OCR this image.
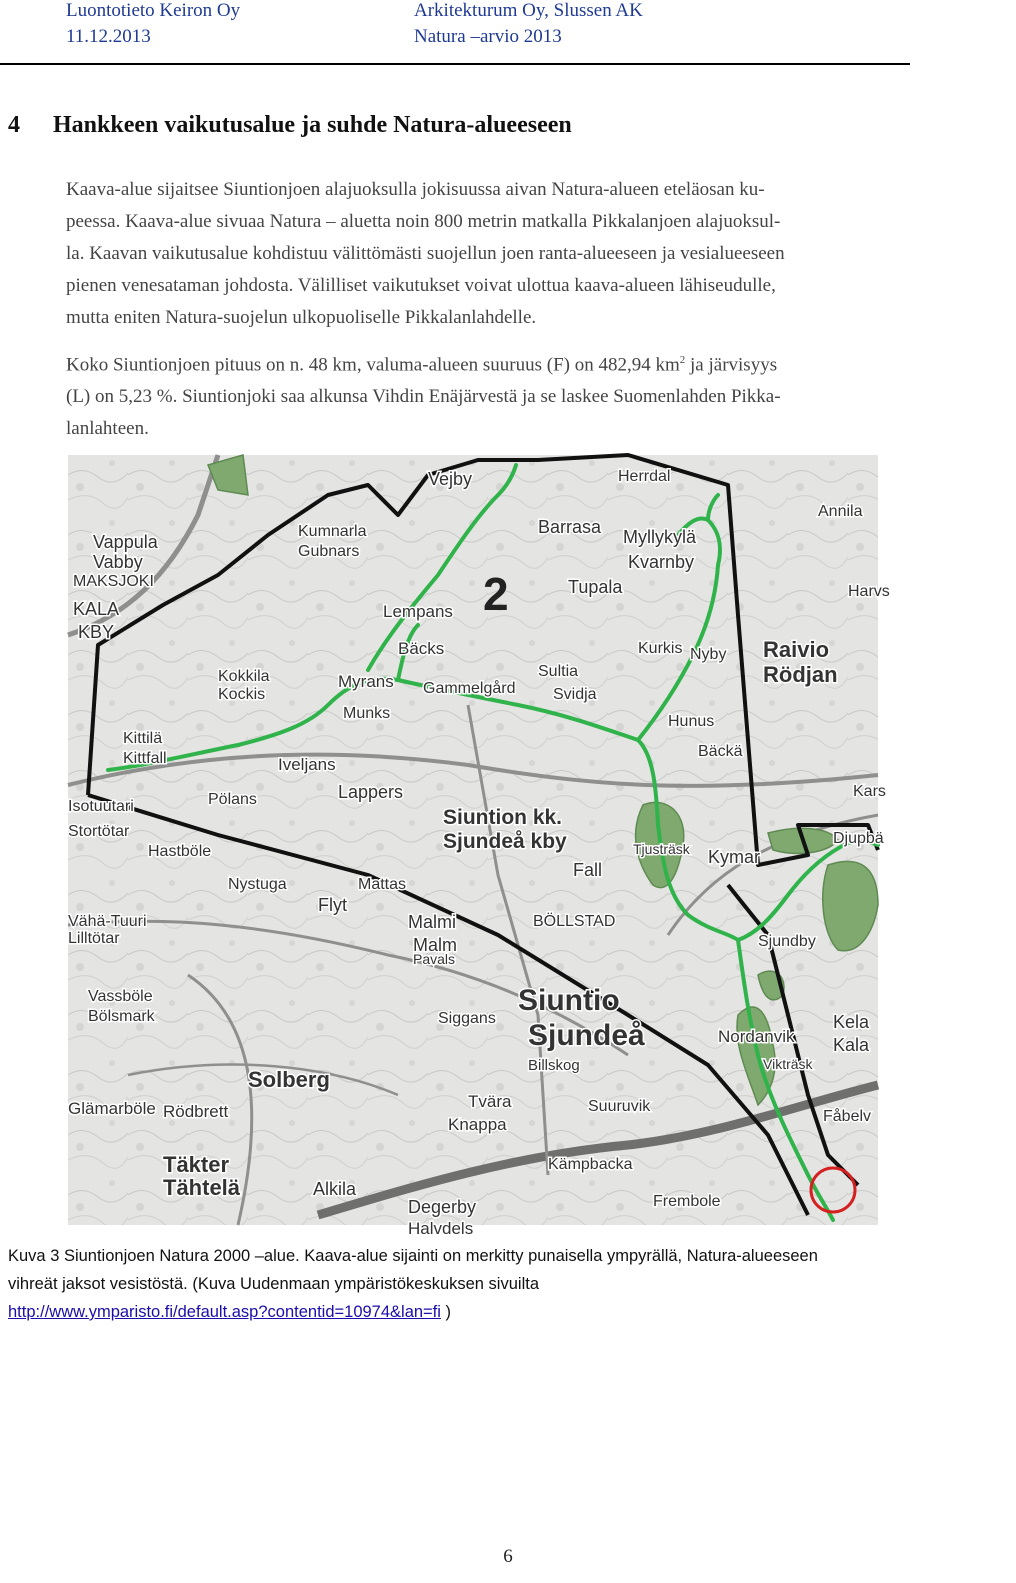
Luontotieto Keiron Oy
11.12.2013
Arkitekturum Oy, Slussen AK
Natura –arvio 2013
4 Hankkeen vaikutusalue ja suhde Natura-alueeseen

Kaava-alue sijaitsee Siuntionjoen alajuoksulla jokisuussa aivan Natura-alueen eteläosan ku-
peessa. Kaava-alue sivuaa Natura – aluetta noin 800 metrin matkalla Pikkalanjoen alajuoksul-
la. Kaavan vaikutusalue kohdistuu välittömästi suojellun joen ranta-alueeseen ja vesialueeseen
pienen venesataman johdosta. Välilliset vaikutukset voivat ulottua kaava-alueen lähiseudulle,
mutta eniten Natura-suojelun ulkopuoliselle Pikkalanlahdelle.

Koko Siuntionjoen pituus on n. 48 km, valuma-alueen suuruus (F) on 482,94 $km^2$ ja järvisyys
(L) on 5,23 %. Siuntionjoki saa alkunsa Vihdin Enäjärvestä ja se laskee Suomenlahden Pikka-
lanlahteen.

2
Vejby	Herrdal
Annila
Vappula
Vabby
MAKSJOKI
KALA
KBY
Kumnarla
Gubnars
Barrasa Myllykylä
Kvarnby
Tupala	Harvs
Lempans
Bäcks	Kurkis Nyby Raivio
Rödjan
Kokkila
Kockis
Myrans Gammelgård
Sultia
Svidja
Munks	Hunus
Kittilä
Kittfall	Iveljans
Bäckä
Lappers
Pölans
Isotuutari
Stortötar
Siuntion kk.
Sjundeå kby
Kymar
Kars
Djupbä
Hastböle
Nystuga	Mattas
Fall
Flyt
Malmi
Malm
BÖLLSTAD
Sjundby
Vähä-Tuuri
Lilltötar
Pavals
Siuntio
Sjundeå	Kela
Kala
Vassböle
Bölsmark	Siggans
Nordanvik
Solberg
Billskog
Glämarböle Rödbrett	Suuruvik
Fåbelv
Tvära
Knappa
Täkter
Tähtelä
Kämpbacka
Alkila
Degerby
Halvdels
Frembole
Vikträsk
Tjusträsk

Kuva 3 Siuntionjoen Natura 2000 –alue. Kaava-alue sijainti on merkitty punaisella ympyrällä, Natura-alueeseen
vihreät jaksot vesistöstä. (Kuva Uudenmaan ympäristökeskuksen sivuilta
http://www.ymparisto.fi/default.asp?contentid=10974&lan=fi )

6
